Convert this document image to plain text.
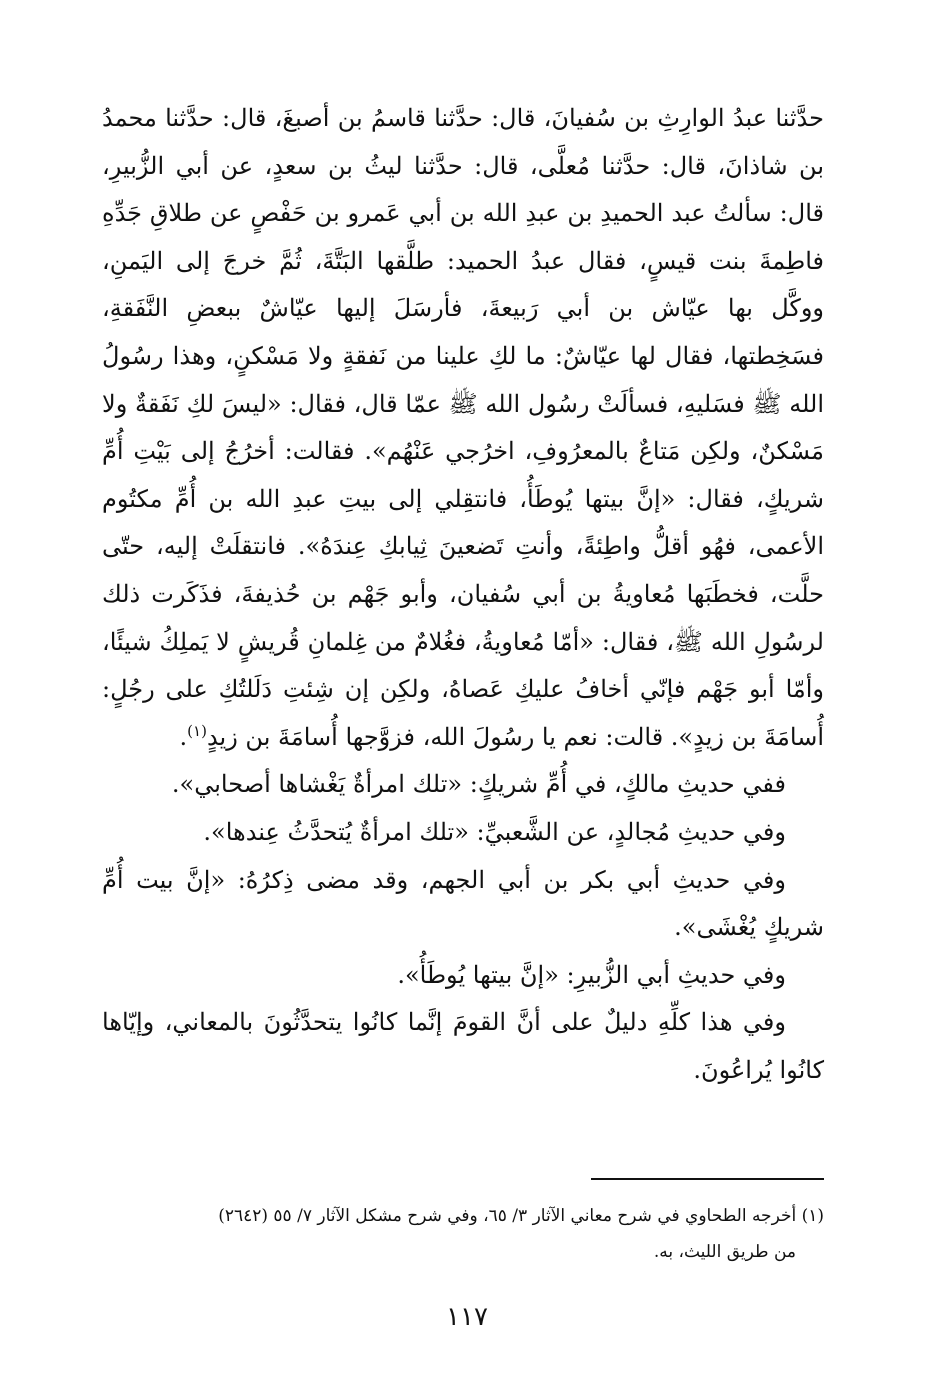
حدَّثنا عبدُ الوارِثِ بن سُفيانَ، قال: حدَّثنا قاسمُ بن أصبغَ، قال: حدَّثنا محمدُ بن شاذانَ، قال: حدَّثنا مُعلَّى، قال: حدَّثنا ليثُ بن سعدٍ، عن أبي الزُّبيرِ، قال: سألتُ عبد الحميدِ بن عبدِ الله بن أبي عَمرو بن حَفْصٍ عن طلاقِ جَدِّهِ فاطِمةَ بنت قيسٍ، فقال عبدُ الحميد: طلَّقها البَتَّةَ، ثُمَّ خرجَ إلى اليَمنِ، ووكَّل بها عيّاش بن أبي رَبيعةَ، فأرسَلَ إليها عيّاشٌ ببعضِ النَّفَقةِ، فسَخِطتها، فقال لها عيّاشٌ: ما لكِ علينا من نَفقةٍ ولا مَسْكنٍ، وهذا رسُولُ الله ﷺ فسَليهِ، فسألَتْ رسُول الله ﷺ عمّا قال، فقال: «ليسَ لكِ نَفَقةٌ ولا مَسْكنٌ، ولكِن مَتاعٌ بالمعرُوفِ، اخرُجي عَنْهُم». فقالت: أخرُجُ إلى بَيْتِ أُمِّ شريكٍ، فقال: «إنَّ بيتها يُوطَأُ، فانتقِلي إلى بيتِ عبدِ الله بن أُمِّ مكتُوم الأعمى، فهُو أقلُّ واطِئةً، وأنتِ تَضعينَ ثِيابكِ عِندَهُ». فانتقلَتْ إليه، حتّى حلَّت، فخطَبَها مُعاويةُ بن أبي سُفيان، وأبو جَهْم بن حُذيفةَ، فذَكَرت ذلك لرسُولِ الله ﷺ، فقال: «أمّا مُعاويةُ، فغُلامٌ من غِلمانِ قُريشٍ لا يَملِكُ شيئًا، وأمّا أبو جَهْم فإنّي أخافُ عليكِ عَصاهُ، ولكِن إن شِئتِ دَلَلتُكِ على رجُلٍ: أُسامَةَ بن زيدٍ». قالت: نعم يا رسُولَ الله، فزوَّجها أُسامَةَ بن زيدٍ$^{(١)}$.

ففي حديثِ مالكٍ، في أُمِّ شريكٍ: «تلك امرأةٌ يَغْشاها أصحابي».

وفي حديثِ مُجالدٍ، عن الشَّعبيِّ: «تلك امرأةٌ يُتحدَّثُ عِندها».

وفي حديثِ أبي بكر بن أبي الجهم، وقد مضى ذِكرُهُ: «إنَّ بيت أُمِّ شريكٍ يُغْشَى».

وفي حديثِ أبي الزُّبيرِ: «إنَّ بيتها يُوطَأُ».

وفي هذا كلِّهِ دليلٌ على أنَّ القومَ إنَّما كانُوا يتحدَّثُونَ بالمعاني، وإيّاها كانُوا يُراعُونَ.

(١) أخرجه الطحاوي في شرح معاني الآثار ٣/ ٦٥، وفي شرح مشكل الآثار ٧/ ٥٥ (٢٦٤٢)

من طريق الليث، به.

١١٧
